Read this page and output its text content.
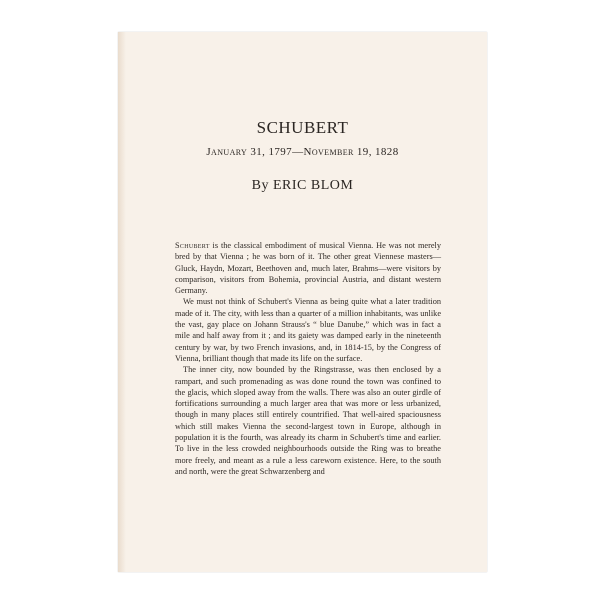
SCHUBERT
January 31, 1797—November 19, 1828
By ERIC BLOM

Schubert is the classical embodiment of musical Vienna. He was not merely bred by that Vienna ; he was born of it. The other great Viennese masters—Gluck, Haydn, Mozart, Beethoven and, much later, Brahms—were visitors by comparison, visitors from Bohemia, provincial Austria, and distant western Germany.

We must not think of Schubert's Vienna as being quite what a later tradition made of it. The city, with less than a quarter of a million inhabitants, was unlike the vast, gay place on Johann Strauss's “ blue Danube,” which was in fact a mile and half away from it ; and its gaiety was damped early in the nineteenth century by war, by two French invasions, and, in 1814-15, by the Congress of Vienna, brilliant though that made its life on the surface.

The inner city, now bounded by the Ringstrasse, was then enclosed by a rampart, and such promenading as was done round the town was confined to the glacis, which sloped away from the walls. There was also an outer girdle of fortifications surrounding a much larger area that was more or less urbanized, though in many places still entirely countrified. That well-aired spaciousness which still makes Vienna the second-largest town in Europe, although in population it is the fourth, was already its charm in Schubert's time and earlier. To live in the less crowded neighbourhoods outside the Ring was to breathe more freely, and meant as a rule a less careworn existence. Here, to the south and north, were the great Schwarzenberg and
